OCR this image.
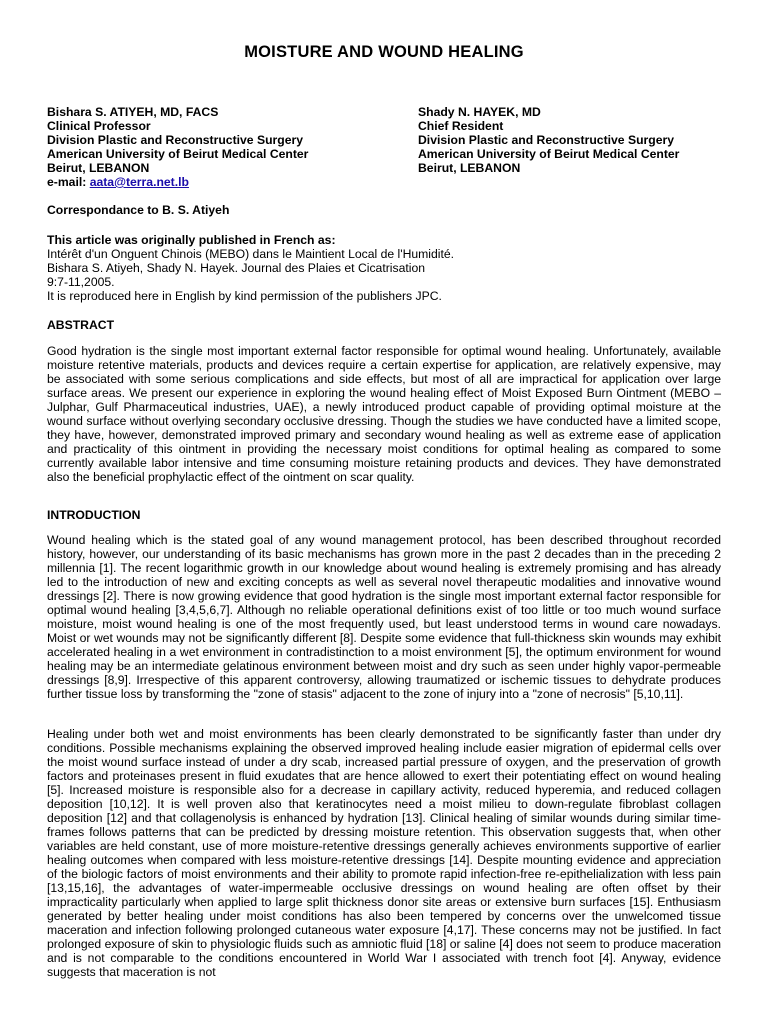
MOISTURE AND WOUND HEALING
Bishara S. ATIYEH, MD, FACS
Clinical Professor
Division Plastic and Reconstructive Surgery
American University of Beirut Medical Center
Beirut, LEBANON
e-mail: aata@terra.net.lb
Shady N. HAYEK, MD
Chief Resident
Division Plastic and Reconstructive Surgery
American University of Beirut Medical Center
Beirut, LEBANON
Correspondance to B. S. Atiyeh
This article was originally published in French as:
Intérêt d'un Onguent Chinois (MEBO) dans le Maintient Local de l'Humidité.
Bishara S. Atiyeh, Shady N. Hayek. Journal des Plaies et Cicatrisation
9:7-11,2005.
It is reproduced here in English by kind permission of the publishers JPC.
ABSTRACT
Good hydration is the single most important external factor responsible for optimal wound healing. Unfortunately, available moisture retentive materials, products and devices require a certain expertise for application, are relatively expensive, may be associated with some serious complications and side effects, but most of all are impractical for application over large surface areas. We present our experience in exploring the wound healing effect of Moist Exposed Burn Ointment (MEBO – Julphar, Gulf Pharmaceutical industries, UAE), a newly introduced product capable of providing optimal moisture at the wound surface without overlying secondary occlusive dressing. Though the studies we have conducted have a limited scope, they have, however, demonstrated improved primary and secondary wound healing as well as extreme ease of application and practicality of this ointment in providing the necessary moist conditions for optimal healing as compared to some currently available labor intensive and time consuming moisture retaining products and devices. They have demonstrated also the beneficial prophylactic effect of the ointment on scar quality.
INTRODUCTION
Wound healing which is the stated goal of any wound management protocol, has been described throughout recorded history, however, our understanding of its basic mechanisms has grown more in the past 2 decades than in the preceding 2 millennia [1]. The recent logarithmic growth in our knowledge about wound healing is extremely promising and has already led to the introduction of new and exciting concepts as well as several novel therapeutic modalities and innovative wound dressings [2]. There is now growing evidence that good hydration is the single most important external factor responsible for optimal wound healing [3,4,5,6,7]. Although no reliable operational definitions exist of too little or too much wound surface moisture, moist wound healing is one of the most frequently used, but least understood terms in wound care nowadays. Moist or wet wounds may not be significantly different [8]. Despite some evidence that full-thickness skin wounds may exhibit accelerated healing in a wet environment in contradistinction to a moist environment [5], the optimum environment for wound healing may be an intermediate gelatinous environment between moist and dry such as seen under highly vapor-permeable dressings [8,9]. Irrespective of this apparent controversy, allowing traumatized or ischemic tissues to dehydrate produces further tissue loss by transforming the "zone of stasis" adjacent to the zone of injury into a "zone of necrosis" [5,10,11].
Healing under both wet and moist environments has been clearly demonstrated to be significantly faster than under dry conditions. Possible mechanisms explaining the observed improved healing include easier migration of epidermal cells over the moist wound surface instead of under a dry scab, increased partial pressure of oxygen, and the preservation of growth factors and proteinases present in fluid exudates that are hence allowed to exert their potentiating effect on wound healing [5]. Increased moisture is responsible also for a decrease in capillary activity, reduced hyperemia, and reduced collagen deposition [10,12]. It is well proven also that keratinocytes need a moist milieu to down-regulate fibroblast collagen deposition [12] and that collagenolysis is enhanced by hydration [13]. Clinical healing of similar wounds during similar time-frames follows patterns that can be predicted by dressing moisture retention. This observation suggests that, when other variables are held constant, use of more moisture-retentive dressings generally achieves environments supportive of earlier healing outcomes when compared with less moisture-retentive dressings [14]. Despite mounting evidence and appreciation of the biologic factors of moist environments and their ability to promote rapid infection-free re-epithelialization with less pain [13,15,16], the advantages of water-impermeable occlusive dressings on wound healing are often offset by their impracticality particularly when applied to large split thickness donor site areas or extensive burn surfaces [15]. Enthusiasm generated by better healing under moist conditions has also been tempered by concerns over the unwelcomed tissue maceration and infection following prolonged cutaneous water exposure [4,17]. These concerns may not be justified. In fact prolonged exposure of skin to physiologic fluids such as amniotic fluid [18] or saline [4] does not seem to produce maceration and is not comparable to the conditions encountered in World War I associated with trench foot [4]. Anyway, evidence suggests that maceration is not
